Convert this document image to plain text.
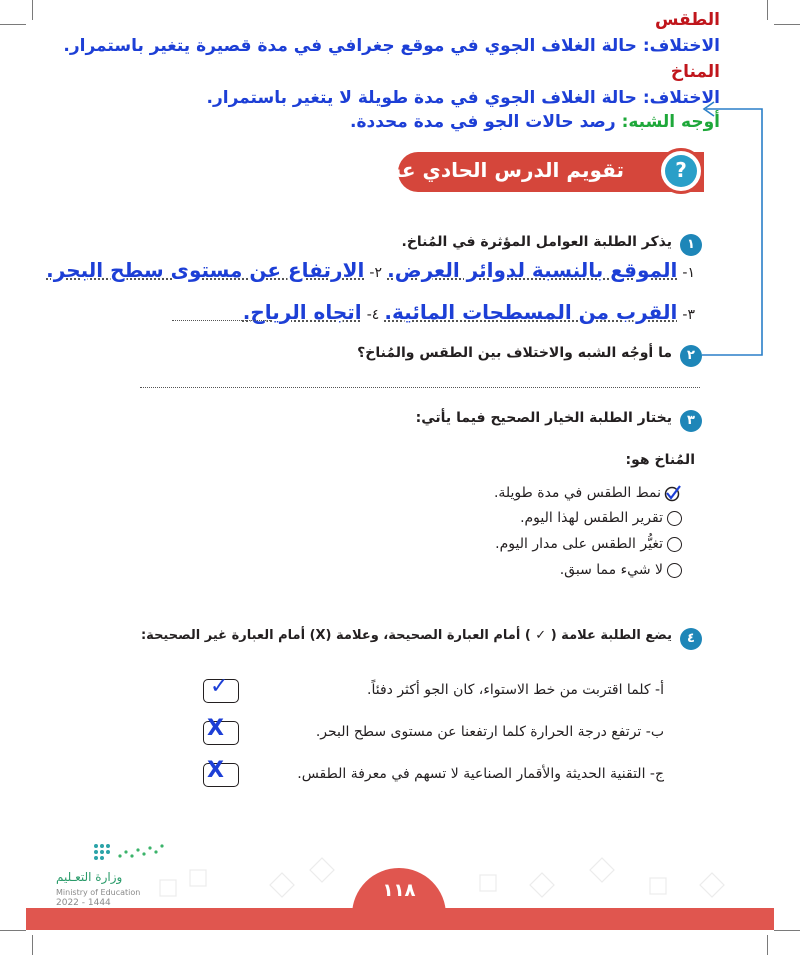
الطقس
الاختلاف: حالة الغلاف الجوي في موقع جغرافي في مدة قصيرة يتغير باستمرار.
المناخ
الاختلاف: حالة الغلاف الجوي في مدة طويلة لا يتغير باستمرار.
أوجه الشبه: رصد حالات الجو في مدة محددة.
تقويم الدرس الحادي عشر	?
١
يذكر الطلبة العوامل المؤثرة في المُناخ.
١- الموقع بالنسبة لدوائر العرض. ٢- الارتفاع عن مستوى سطح البحر.
٣- القرب من المسطحات المائية. ٤- اتجاه الرياح.
٢
ما أوجُه الشبه والاختلاف بين الطقس والمُناخ؟
٣
يختار الطلبة الخيار الصحيح فيما يأتي:
المُناخ هو:
نمط الطقس في مدة طويلة.
تقرير الطقس لهذا اليوم.
تغيُّر الطقس على مدار اليوم.
لا شيء مما سبق.
٤
يضع الطلبة علامة ( ✓ ) أمام العبارة الصحيحة، وعلامة (X) أمام العبارة غير الصحيحة:
أ- كلما اقتربت من خط الاستواء، كان الجو أكثر دفئاً.
✓
ب- ترتفع درجة الحرارة كلما ارتفعنا عن مستوى سطح البحر.
X
ج- التقنية الحديثة والأقمار الصناعية لا تسهم في معرفة الطقس.
X
وزارة التعـليم
Ministry of Education
2022 - 1444
١١٨
